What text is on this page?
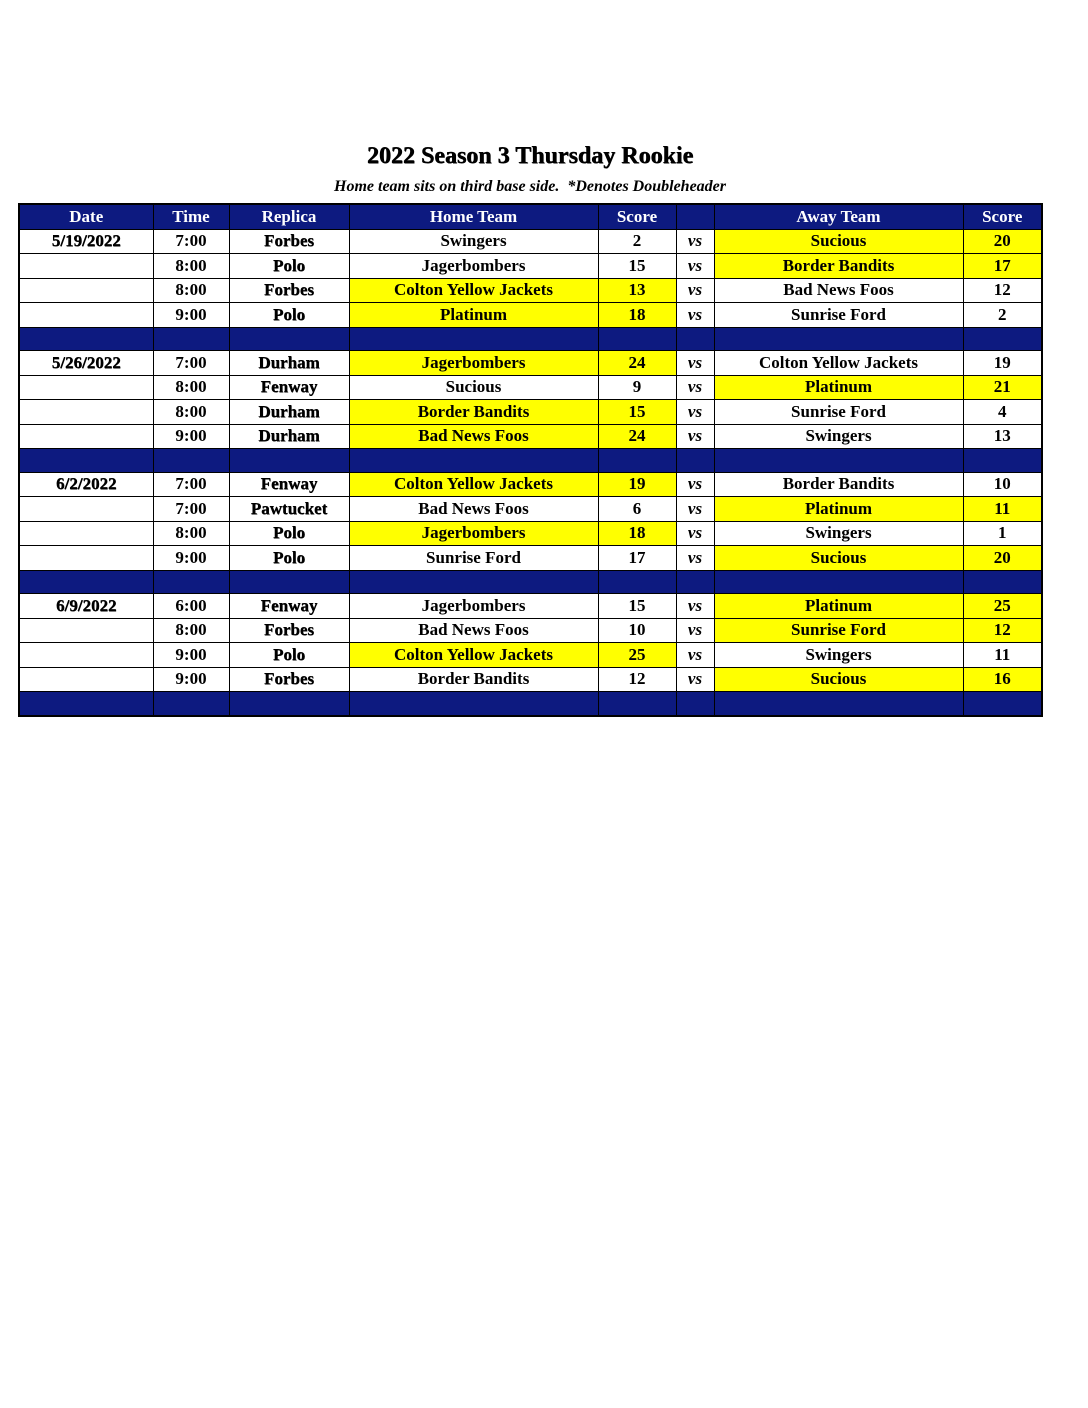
2022 Season 3 Thursday Rookie
Home team sits on third base side.  *Denotes Doubleheader
Date	Time	Replica	Home Team	Score		Away Team	Score
5/19/2022	7:00	Forbes	Swingers	2	vs	Sucious	20
	8:00	Polo	Jagerbombers	15	vs	Border Bandits	17
	8:00	Forbes	Colton Yellow Jackets	13	vs	Bad News Foos	12
	9:00	Polo	Platinum	18	vs	Sunrise Ford	2

5/26/2022	7:00	Durham	Jagerbombers	24	vs	Colton Yellow Jackets	19
	8:00	Fenway	Sucious	9	vs	Platinum	21
	8:00	Durham	Border Bandits	15	vs	Sunrise Ford	4
	9:00	Durham	Bad News Foos	24	vs	Swingers	13

6/2/2022	7:00	Fenway	Colton Yellow Jackets	19	vs	Border Bandits	10
	7:00	Pawtucket	Bad News Foos	6	vs	Platinum	11
	8:00	Polo	Jagerbombers	18	vs	Swingers	1
	9:00	Polo	Sunrise Ford	17	vs	Sucious	20

6/9/2022	6:00	Fenway	Jagerbombers	15	vs	Platinum	25
	8:00	Forbes	Bad News Foos	10	vs	Sunrise Ford	12
	9:00	Polo	Colton Yellow Jackets	25	vs	Swingers	11
	9:00	Forbes	Border Bandits	12	vs	Sucious	16
